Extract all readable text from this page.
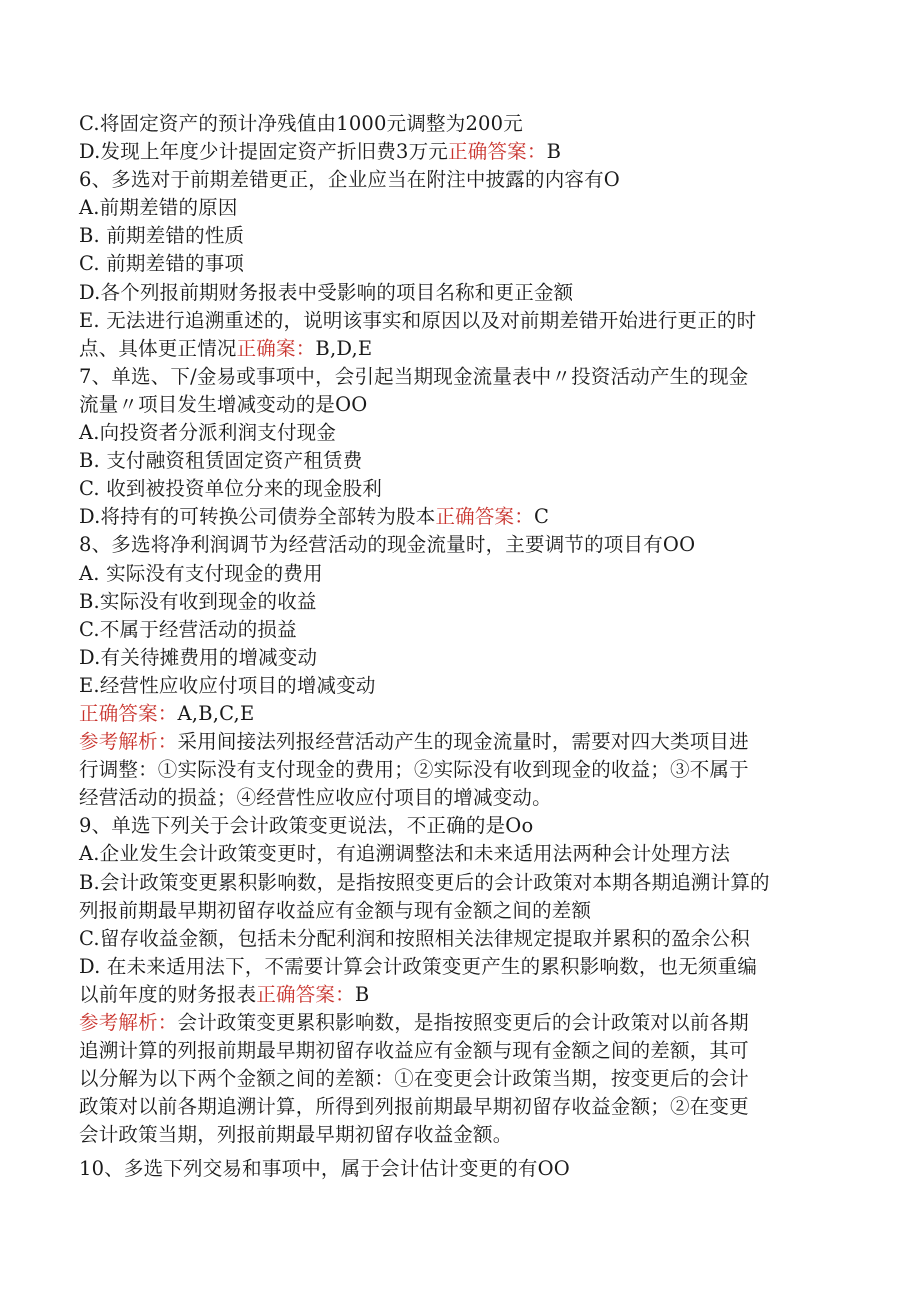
C.将固定资产的预计净残值由1000元调整为200元
D.发现上年度少计提固定资产折旧费3万元正确答案：B
6、多选对于前期差错更正，企业应当在附注中披露的内容有O
A.前期差错的原因
B. 前期差错的性质
C. 前期差错的事项
D.各个列报前期财务报表中受影响的项目名称和更正金额
E. 无法进行追溯重述的，说明该事实和原因以及对前期差错开始进行更正的时
点、具体更正情况正确案：B,D,E
7、单选、下/金易或事项中，会引起当期现金流量表中〃投资活动产生的现金
流量〃项目发生增减变动的是OO
A.向投资者分派利润支付现金
B. 支付融资租赁固定资产租赁费
C. 收到被投资单位分来的现金股利
D.将持有的可转换公司债券全部转为股本正确答案：C
8、多选将净利润调节为经营活动的现金流量时，主要调节的项目有OO
A. 实际没有支付现金的费用
B.实际没有收到现金的收益
C.不属于经营活动的损益
D.有关待摊费用的增减变动
E.经营性应收应付项目的增减变动
正确答案：A,B,C,E
参考解析：采用间接法列报经营活动产生的现金流量时，需要对四大类项目进
行调整：①实际没有支付现金的费用；②实际没有收到现金的收益；③不属于
经营活动的损益；④经营性应收应付项目的增减变动。
9、单选下列关于会计政策变更说法，不正确的是Oo
A.企业发生会计政策变更时，有追溯调整法和未来适用法两种会计处理方法
B.会计政策变更累积影响数，是指按照变更后的会计政策对本期各期追溯计算的
列报前期最早期初留存收益应有金额与现有金额之间的差额
C.留存收益金额，包括未分配利润和按照相关法律规定提取并累积的盈余公积
D. 在未来适用法下，不需要计算会计政策变更产生的累积影响数，也无须重编
以前年度的财务报表正确答案：B
参考解析：会计政策变更累积影响数，是指按照变更后的会计政策对以前各期
追溯计算的列报前期最早期初留存收益应有金额与现有金额之间的差额，其可
以分解为以下两个金额之间的差额：①在变更会计政策当期，按变更后的会计
政策对以前各期追溯计算，所得到列报前期最早期初留存收益金额；②在变更
会计政策当期，列报前期最早期初留存收益金额。
10、多选下列交易和事项中，属于会计估计变更的有OO
